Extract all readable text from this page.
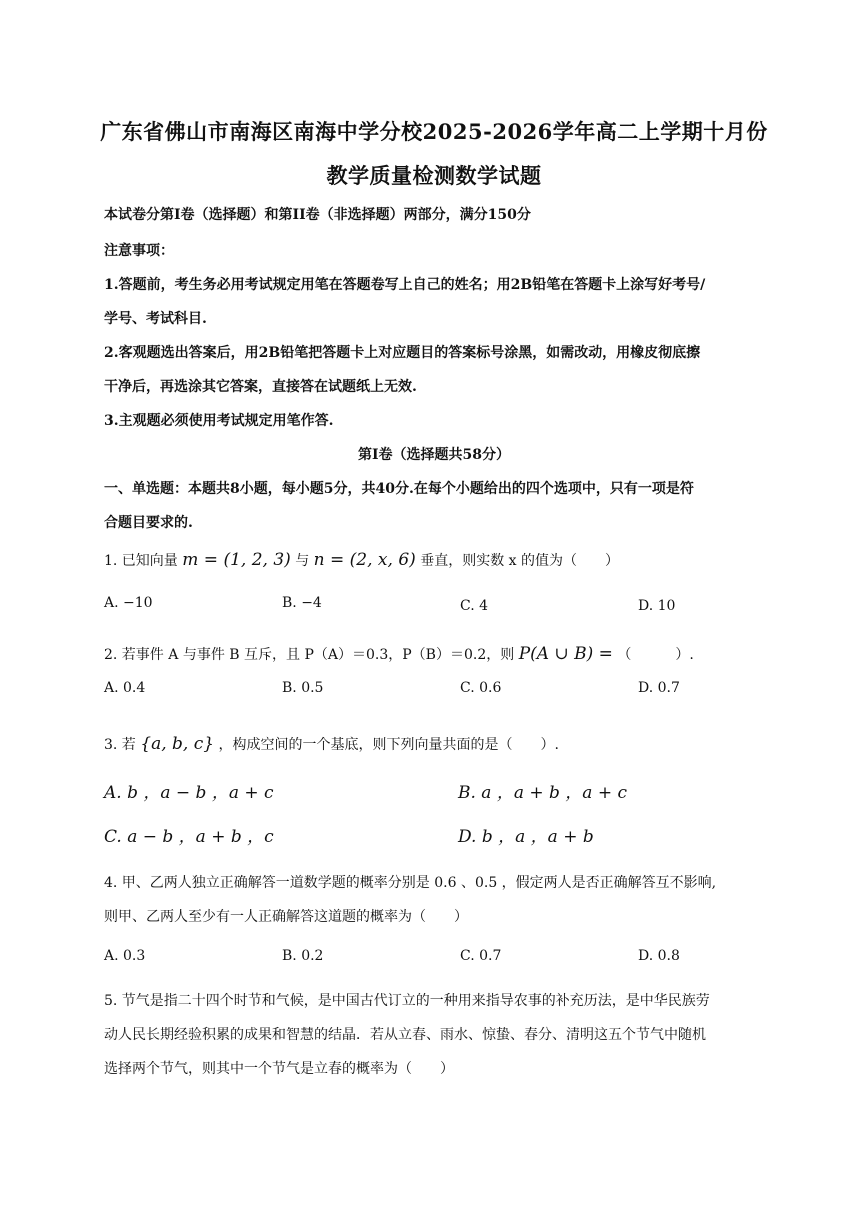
广东省佛山市南海区南海中学分校2025-2026学年高二上学期十月份
教学质量检测数学试题
本试卷分第I卷（选择题）和第II卷（非选择题）两部分，满分150分
注意事项：
1.答题前，考生务必用考试规定用笔在答题卷写上自己的姓名；用2B铅笔在答题卡上涂写好考号/
学号、考试科目.
2.客观题选出答案后，用2B铅笔把答题卡上对应题目的答案标号涂黑，如需改动，用橡皮彻底擦
干净后，再选涂其它答案，直接答在试题纸上无效.
3.主观题必须使用考试规定用笔作答.
第I卷（选择题共58分）
一、单选题：本题共8小题，每小题5分，共40分.在每个小题给出的四个选项中，只有一项是符
合题目要求的.
1. 已知向量 m = (1, 2, 3) 与 n = (2, x, 6) 垂直，则实数 x 的值为（　　）
A. −10	B. −4	C. 4	D. 10
2. 若事件 A 与事件 B 互斥，且 P（A）＝0.3，P（B）＝0.2，则 P(A ∪ B) = （	）.
A. 0.4	B. 0.5	C. 0.6	D. 0.7
3. 若 {a, b, c} ，构成空间的一个基底，则下列向量共面的是（　　）.
A. b ，a − b ，a + c	B. a ，a + b ，a + c
C. a − b ，a + b ，c	D. b ，a ，a + b
4. 甲、乙两人独立正确解答一道数学题的概率分别是 0.6 、0.5 ，假定两人是否正确解答互不影响,
则甲、乙两人至少有一人正确解答这道题的概率为（　　）
A. 0.3	B. 0.2	C. 0.7	D. 0.8
5. 节气是指二十四个时节和气候，是中国古代订立的一种用来指导农事的补充历法，是中华民族劳
动人民长期经验积累的成果和智慧的结晶．若从立春、雨水、惊蛰、春分、清明这五个节气中随机
选择两个节气，则其中一个节气是立春的概率为（　　）
